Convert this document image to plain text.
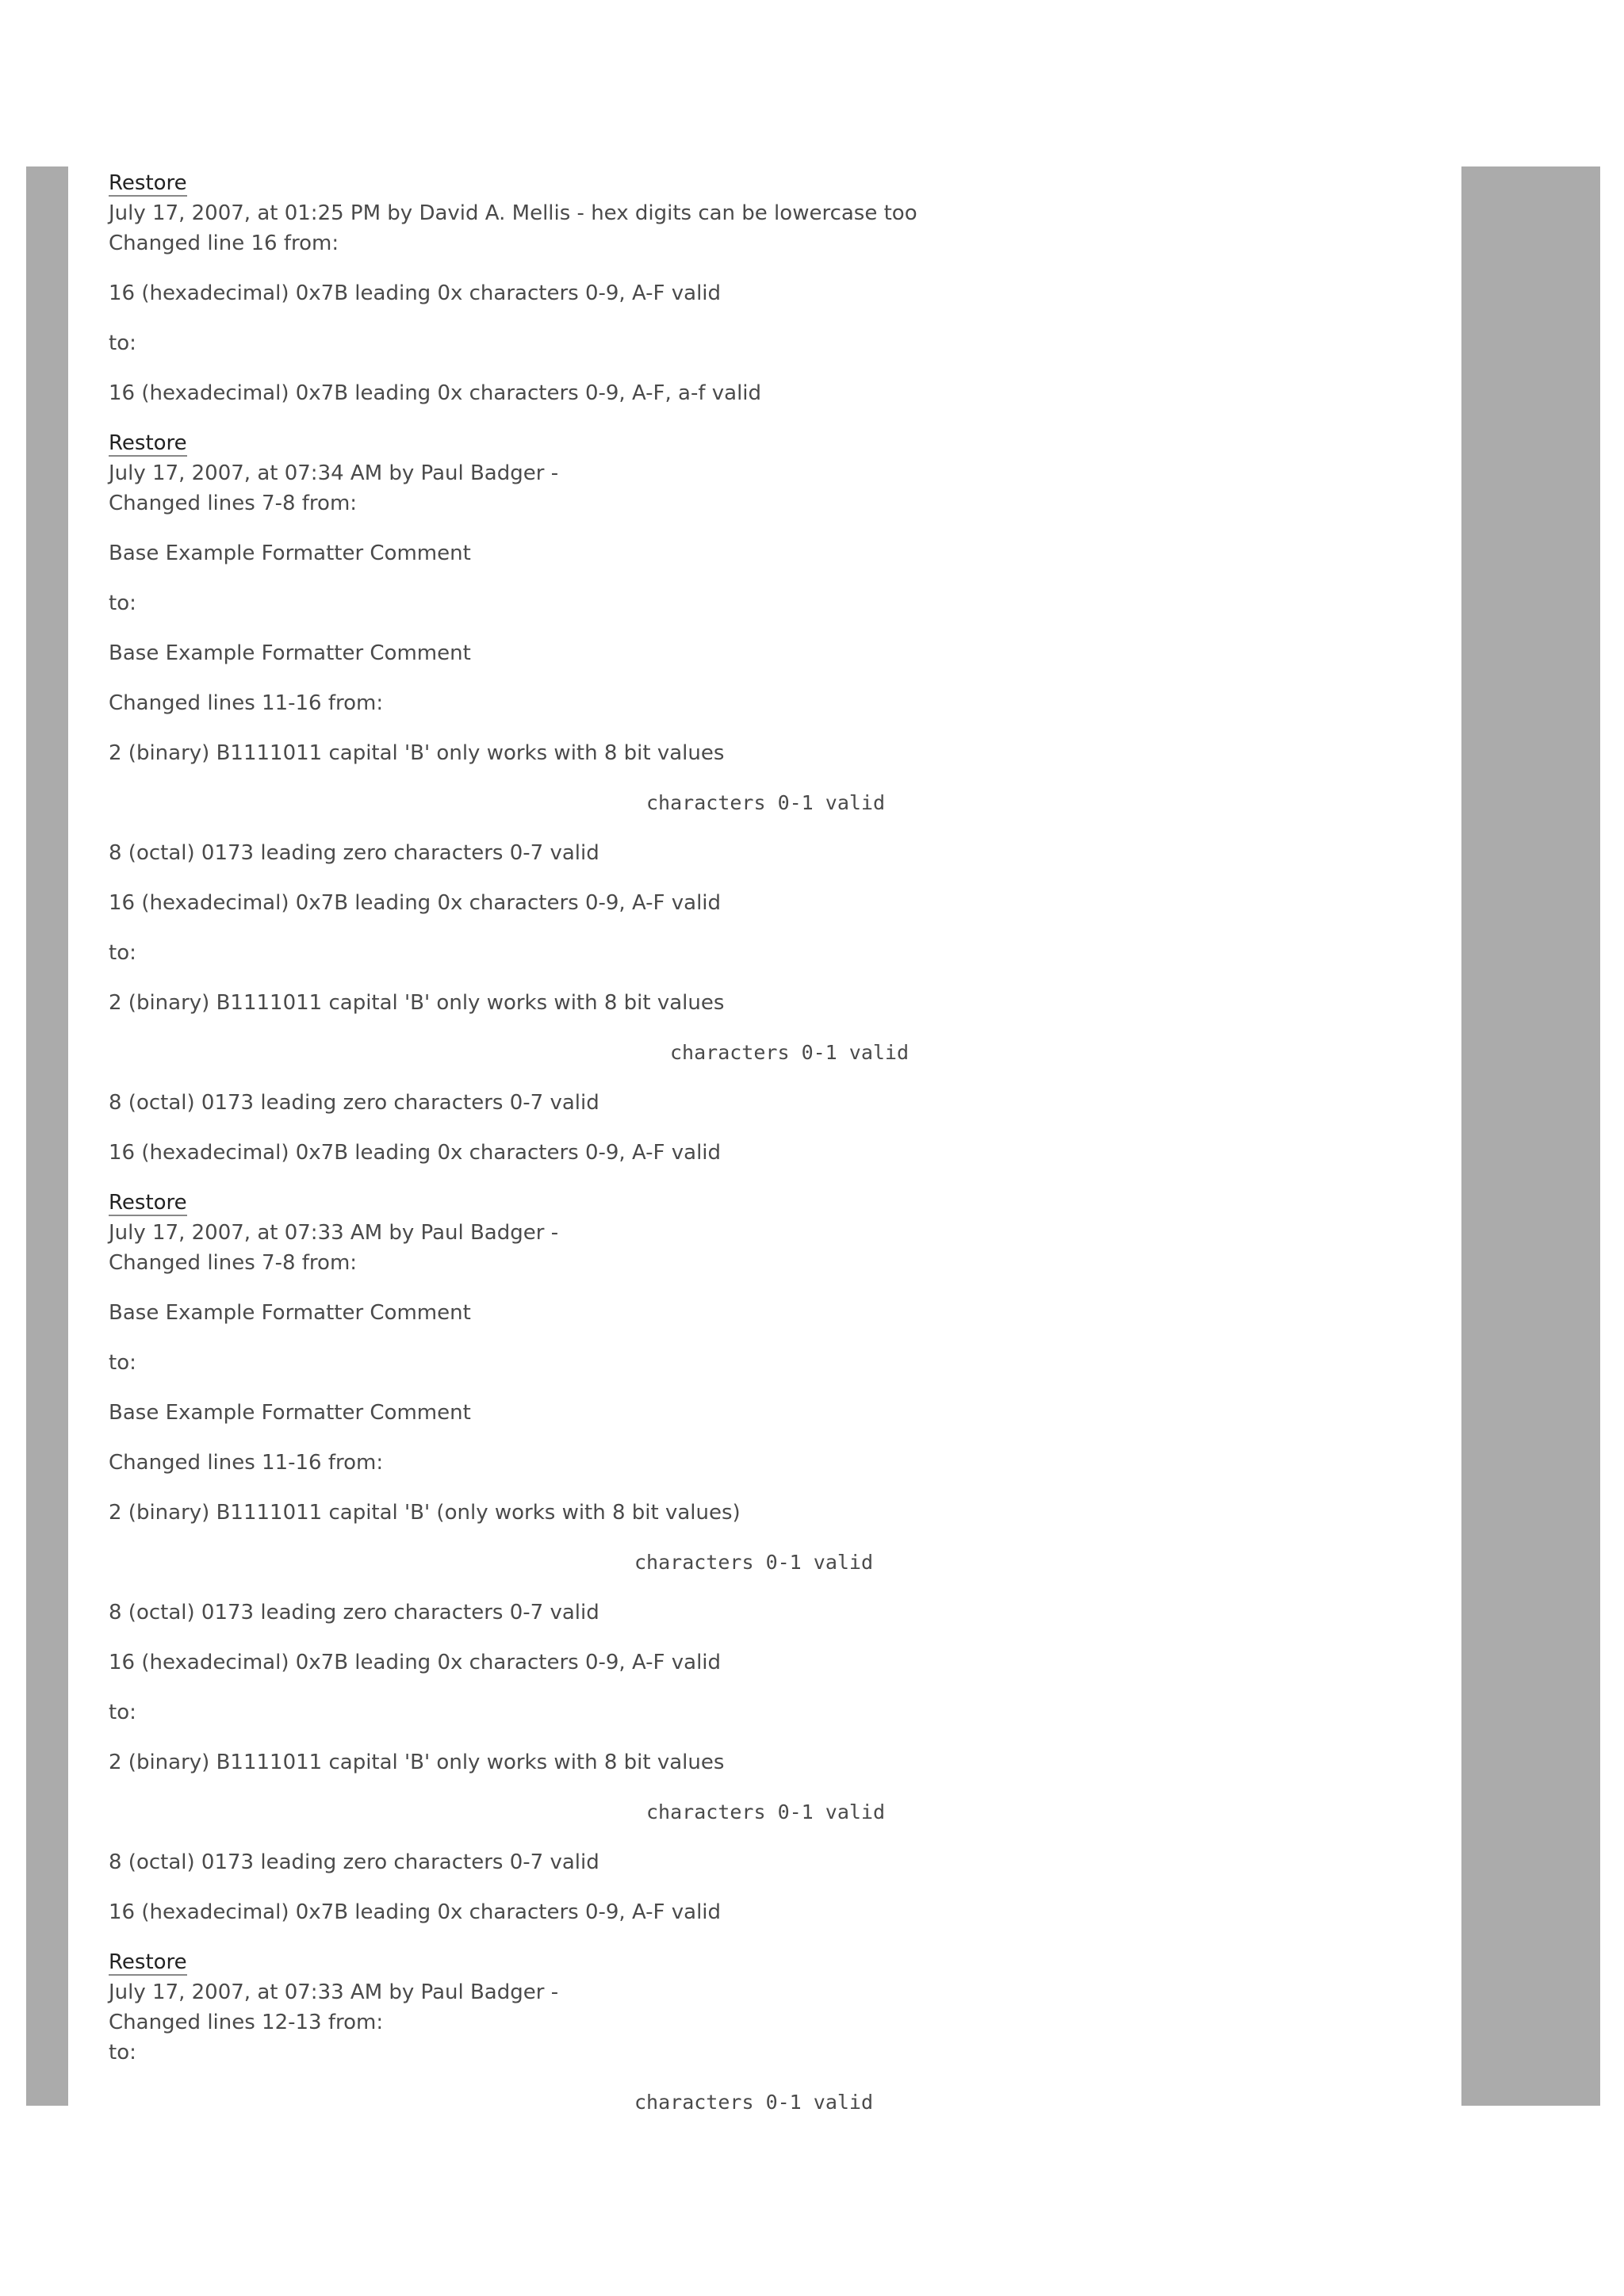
Restore

July 17, 2007, at 01:25 PM by David A. Mellis - hex digits can be lowercase too

Changed line 16 from:

16 (hexadecimal) 0x7B leading 0x characters 0-9, A-F valid

to:

16 (hexadecimal) 0x7B leading 0x characters 0-9, A-F, a-f valid

Restore

July 17, 2007, at 07:34 AM by Paul Badger -

Changed lines 7-8 from:

Base Example Formatter Comment

to:

Base Example Formatter Comment

Changed lines 11-16 from:

2 (binary) B1111011 capital 'B' only works with 8 bit values

characters 0-1 valid

8 (octal) 0173 leading zero characters 0-7 valid

16 (hexadecimal) 0x7B leading 0x characters 0-9, A-F valid

to:

2 (binary) B1111011 capital 'B' only works with 8 bit values

characters 0-1 valid

8 (octal) 0173 leading zero characters 0-7 valid

16 (hexadecimal) 0x7B leading 0x characters 0-9, A-F valid

Restore

July 17, 2007, at 07:33 AM by Paul Badger -

Changed lines 7-8 from:

Base Example Formatter Comment

to:

Base Example Formatter Comment

Changed lines 11-16 from:

2 (binary) B1111011 capital 'B' (only works with 8 bit values)

characters 0-1 valid

8 (octal) 0173 leading zero characters 0-7 valid

16 (hexadecimal) 0x7B leading 0x characters 0-9, A-F valid

to:

2 (binary) B1111011 capital 'B' only works with 8 bit values

characters 0-1 valid

8 (octal) 0173 leading zero characters 0-7 valid

16 (hexadecimal) 0x7B leading 0x characters 0-9, A-F valid

Restore

July 17, 2007, at 07:33 AM by Paul Badger -

Changed lines 12-13 from:

to:

characters 0-1 valid
